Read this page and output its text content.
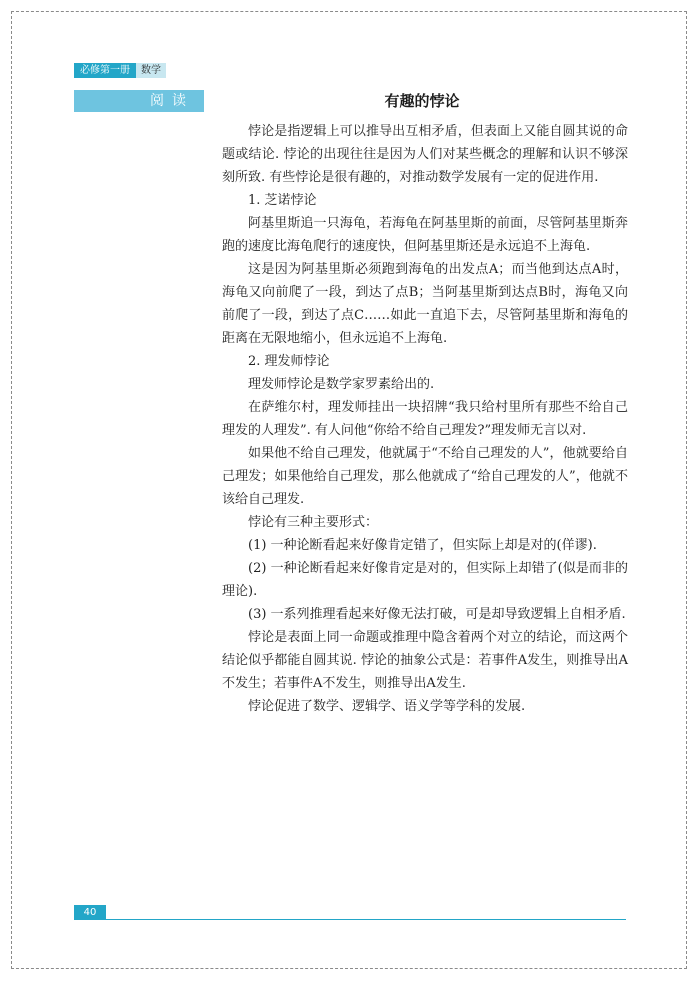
必修第一册	数学
阅读	有趣的悖论

悖论是指逻辑上可以推导出互相矛盾，但表面上又能自圆其说的命题或结论. 悖论的出现往往是因为人们对某些概念的理解和认识不够深刻所致. 有些悖论是很有趣的，对推动数学发展有一定的促进作用.

1. 芝诺悖论

阿基里斯追一只海龟，若海龟在阿基里斯的前面，尽管阿基里斯奔跑的速度比海龟爬行的速度快，但阿基里斯还是永远追不上海龟.

这是因为阿基里斯必须跑到海龟的出发点A；而当他到达点A时，海龟又向前爬了一段，到达了点B；当阿基里斯到达点B时，海龟又向前爬了一段，到达了点C……如此一直追下去，尽管阿基里斯和海龟的距离在无限地缩小，但永远追不上海龟.

2. 理发师悖论

理发师悖论是数学家罗素给出的.

在萨维尔村，理发师挂出一块招牌“我只给村里所有那些不给自己理发的人理发”. 有人问他“你给不给自己理发?”理发师无言以对.

如果他不给自己理发，他就属于“不给自己理发的人”，他就要给自己理发；如果他给自己理发，那么他就成了“给自己理发的人”，他就不该给自己理发.

悖论有三种主要形式：

(1) 一种论断看起来好像肯定错了，但实际上却是对的(佯谬).

(2) 一种论断看起来好像肯定是对的，但实际上却错了(似是而非的理论).

(3) 一系列推理看起来好像无法打破，可是却导致逻辑上自相矛盾.

悖论是表面上同一命题或推理中隐含着两个对立的结论，而这两个结论似乎都能自圆其说. 悖论的抽象公式是：若事件A发生，则推导出A不发生；若事件A不发生，则推导出A发生.

悖论促进了数学、逻辑学、语义学等学科的发展.

40
